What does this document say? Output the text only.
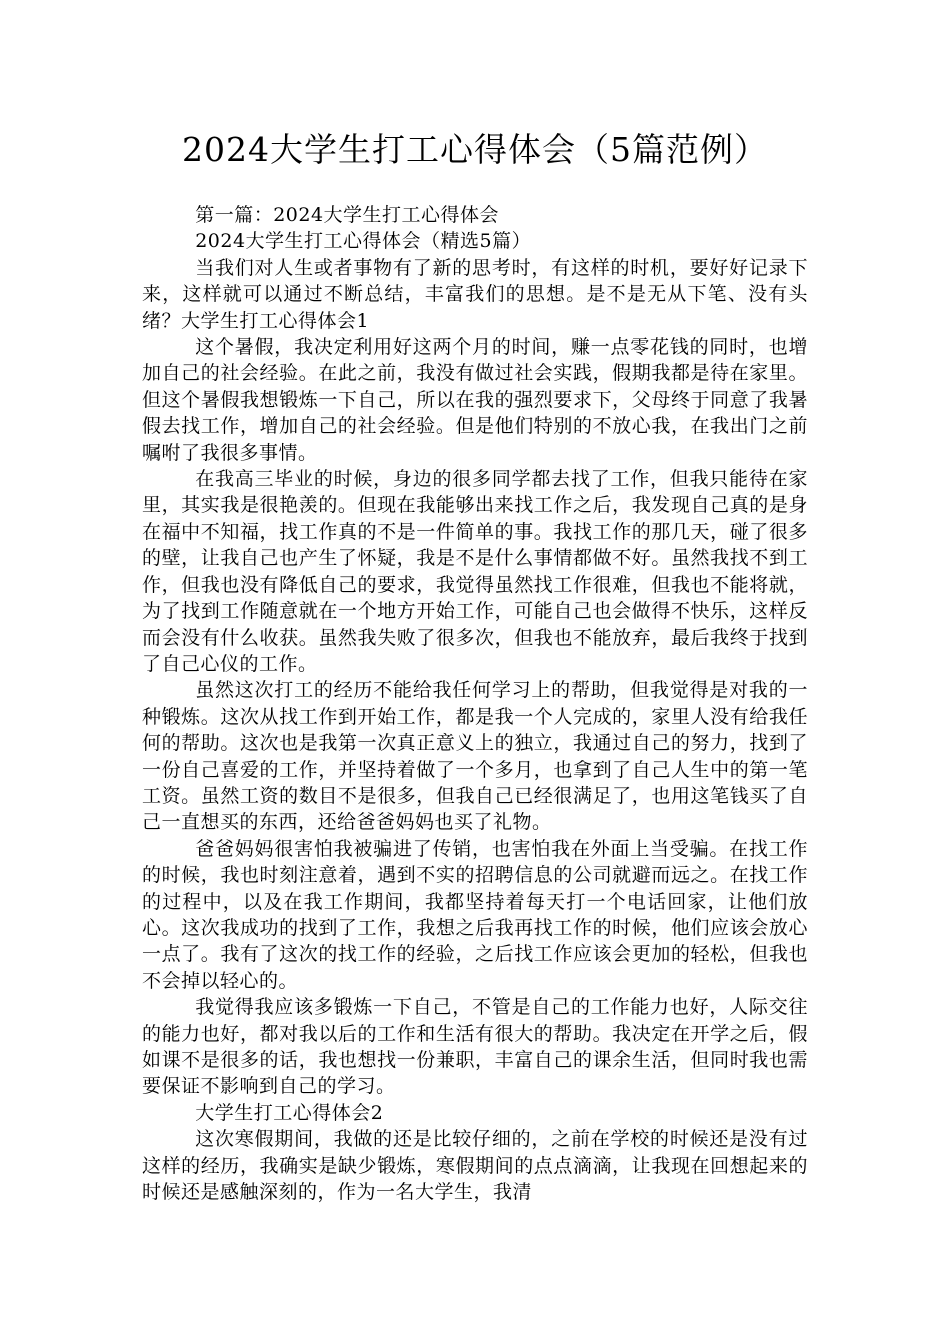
2024大学生打工心得体会（5篇范例）

第一篇：2024大学生打工心得体会

2024大学生打工心得体会（精选5篇）

当我们对人生或者事物有了新的思考时，有这样的时机，要好好记录下来，这样就可以通过不断总结，丰富我们的思想。是不是无从下笔、没有头绪？大学生打工心得体会1

这个暑假，我决定利用好这两个月的时间，赚一点零花钱的同时，也增加自己的社会经验。在此之前，我没有做过社会实践，假期我都是待在家里。但这个暑假我想锻炼一下自己，所以在我的强烈要求下，父母终于同意了我暑假去找工作，增加自己的社会经验。但是他们特别的不放心我，在我出门之前嘱咐了我很多事情。

在我高三毕业的时候，身边的很多同学都去找了工作，但我只能待在家里，其实我是很艳羡的。但现在我能够出来找工作之后，我发现自己真的是身在福中不知福，找工作真的不是一件简单的事。我找工作的那几天，碰了很多的壁，让我自己也产生了怀疑，我是不是什么事情都做不好。虽然我找不到工作，但我也没有降低自己的要求，我觉得虽然找工作很难，但我也不能将就，为了找到工作随意就在一个地方开始工作，可能自己也会做得不快乐，这样反而会没有什么收获。虽然我失败了很多次，但我也不能放弃，最后我终于找到了自己心仪的工作。

虽然这次打工的经历不能给我任何学习上的帮助，但我觉得是对我的一种锻炼。这次从找工作到开始工作，都是我一个人完成的，家里人没有给我任何的帮助。这次也是我第一次真正意义上的独立，我通过自己的努力，找到了一份自己喜爱的工作，并坚持着做了一个多月，也拿到了自己人生中的第一笔工资。虽然工资的数目不是很多，但我自己已经很满足了，也用这笔钱买了自己一直想买的东西，还给爸爸妈妈也买了礼物。

爸爸妈妈很害怕我被骗进了传销，也害怕我在外面上当受骗。在找工作的时候，我也时刻注意着，遇到不实的招聘信息的公司就避而远之。在找工作的过程中，以及在我工作期间，我都坚持着每天打一个电话回家，让他们放心。这次我成功的找到了工作，我想之后我再找工作的时候，他们应该会放心一点了。我有了这次的找工作的经验，之后找工作应该会更加的轻松，但我也不会掉以轻心的。

我觉得我应该多锻炼一下自己，不管是自己的工作能力也好，人际交往的能力也好，都对我以后的工作和生活有很大的帮助。我决定在开学之后，假如课不是很多的话，我也想找一份兼职，丰富自己的课余生活，但同时我也需要保证不影响到自己的学习。

大学生打工心得体会2

这次寒假期间，我做的还是比较仔细的，之前在学校的时候还是没有过这样的经历，我确实是缺少锻炼，寒假期间的点点滴滴，让我现在回想起来的时候还是感触深刻的，作为一名大学生，我清
